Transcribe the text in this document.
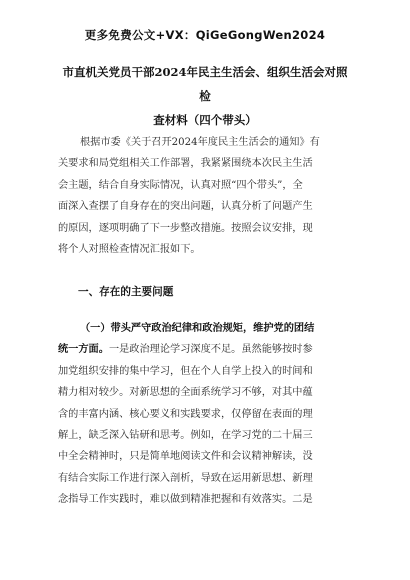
更多免费公文+VX：QiGeGongWen2024
市直机关党员干部2024年民主生活会、组织生活会对照检
查材料（四个带头）
根据市委《关于召开2024年度民主生活会的通知》有
关要求和局党组相关工作部署，我紧紧围绕本次民主生活
会主题，结合自身实际情况，认真对照“四个带头”，全
面深入查摆了自身存在的突出问题，认真分析了问题产生
的原因，逐项明确了下一步整改措施。按照会议安排，现
将个人对照检查情况汇报如下。
一、存在的主要问题
（一）带头严守政治纪律和政治规矩，维护党的团结
统一方面。一是政治理论学习深度不足。虽然能够按时参
加党组织安排的集中学习，但在个人自学上投入的时间和
精力相对较少。对新思想的全面系统学习不够，对其中蕴
含的丰富内涵、核心要义和实践要求，仅停留在表面的理
解上，缺乏深入钻研和思考。例如，在学习党的二十届三
中全会精神时，只是简单地阅读文件和会议精神解读，没
有结合实际工作进行深入剖析，导致在运用新思想、新理
念指导工作实践时，难以做到精准把握和有效落实。二是
